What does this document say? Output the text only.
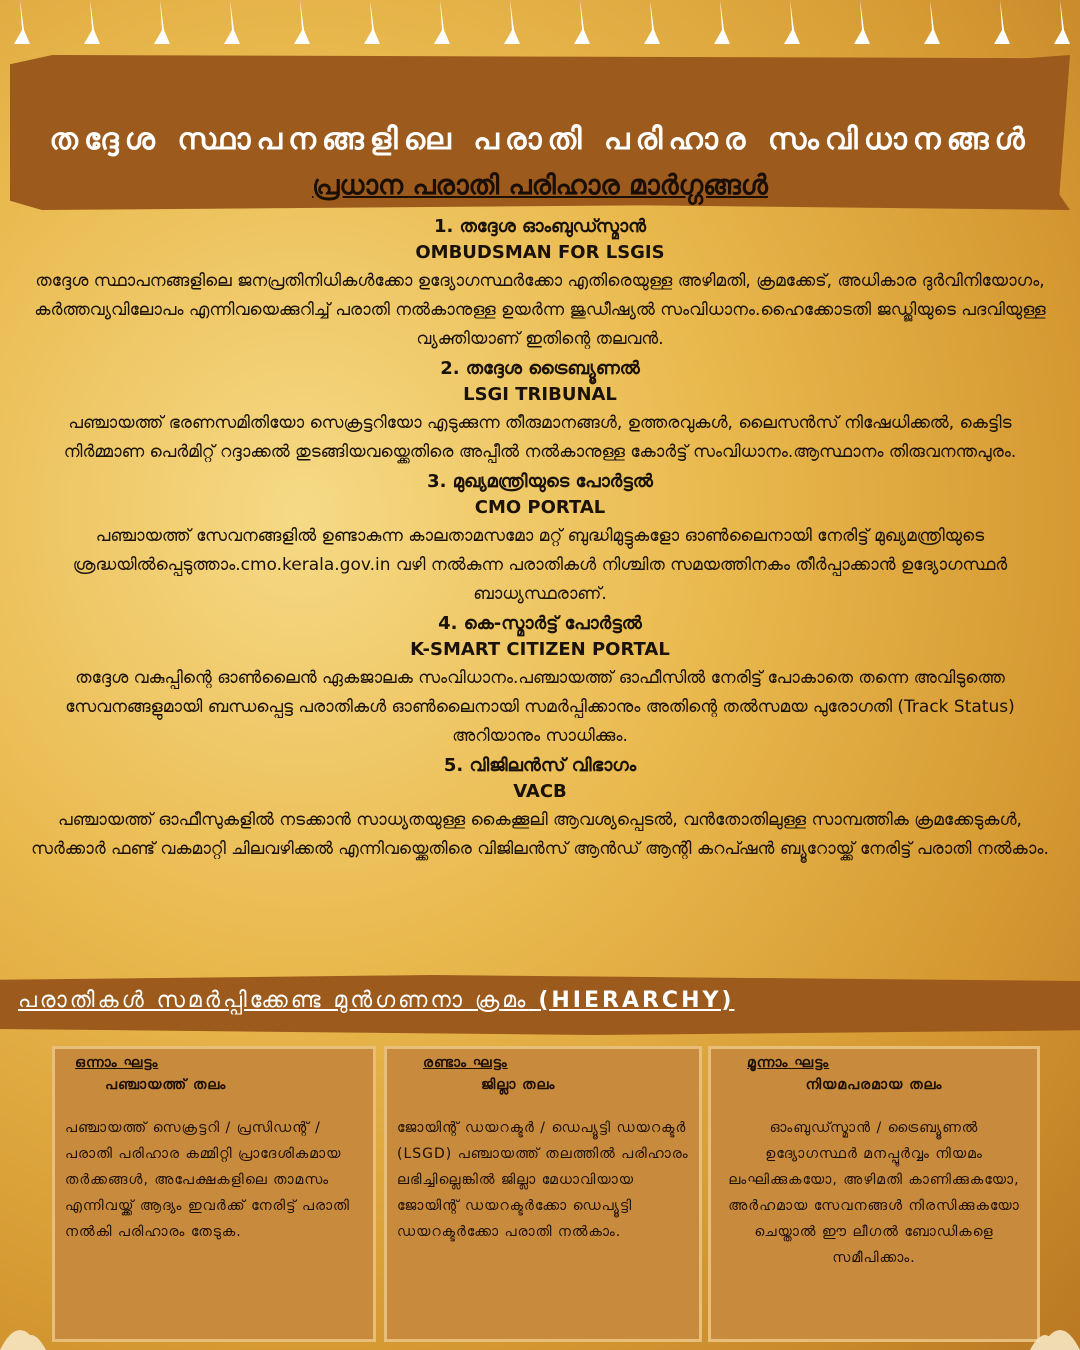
തദ്ദേശ സ്ഥാപനങ്ങളിലെ പരാതി പരിഹാര സംവിധാനങ്ങൾ
പ്രധാന പരാതി പരിഹാര മാർഗ്ഗങ്ങൾ
1. തദ്ദേശ ഓംബുഡ്സ്മാൻ
OMBUDSMAN FOR LSGIS
തദ്ദേശ സ്ഥാപനങ്ങളിലെ ജനപ്രതിനിധികൾക്കോ ഉദ്യോഗസ്ഥർക്കോ എതിരെയുള്ള അഴിമതി, ക്രമക്കേട്, അധികാര ദുർവിനിയോഗം, കർത്തവ്യവിലോപം എന്നിവയെക്കുറിച്ച് പരാതി നൽകാനുള്ള ഉയർന്ന ജുഡീഷ്യൽ സംവിധാനം.ഹൈക്കോടതി ജഡ്ജിയുടെ പദവിയുള്ള വ്യക്തിയാണ് ഇതിന്റെ തലവൻ.
2. തദ്ദേശ ട്രൈബ്യൂണൽ
LSGI TRIBUNAL
പഞ്ചായത്ത് ഭരണസമിതിയോ സെക്രട്ടറിയോ എടുക്കുന്ന തീരുമാനങ്ങൾ, ഉത്തരവുകൾ, ലൈസൻസ് നിഷേധിക്കൽ, കെട്ടിട നിർമ്മാണ പെർമിറ്റ് റദ്ദാക്കൽ തുടങ്ങിയവയ്ക്കെതിരെ അപ്പീൽ നൽകാനുള്ള കോർട്ട് സംവിധാനം.ആസ്ഥാനം തിരുവനന്തപുരം.
3. മുഖ്യമന്ത്രിയുടെ പോർട്ടൽ
CMO PORTAL
പഞ്ചായത്ത് സേവനങ്ങളിൽ ഉണ്ടാകുന്ന കാലതാമസമോ മറ്റ് ബുദ്ധിമുട്ടുകളോ ഓൺലൈനായി നേരിട്ട് മുഖ്യമന്ത്രിയുടെ ശ്രദ്ധയിൽപ്പെടുത്താം.cmo.kerala.gov.in വഴി നൽകുന്ന പരാതികൾ നിശ്ചിത സമയത്തിനകം തീർപ്പാക്കാൻ ഉദ്യോഗസ്ഥർ ബാധ്യസ്ഥരാണ്.
4. കെ-സ്മാർട്ട് പോർട്ടൽ
K-SMART CITIZEN PORTAL
തദ്ദേശ വകുപ്പിന്റെ ഓൺലൈൻ ഏകജാലക സംവിധാനം.പഞ്ചായത്ത് ഓഫീസിൽ നേരിട്ട് പോകാതെ തന്നെ അവിടുത്തെ സേവനങ്ങളുമായി ബന്ധപ്പെട്ട പരാതികൾ ഓൺലൈനായി സമർപ്പിക്കാനും അതിന്റെ തൽസമയ പുരോഗതി (Track Status) അറിയാനും സാധിക്കും.
5. വിജിലൻസ് വിഭാഗം
VACB
പഞ്ചായത്ത് ഓഫീസുകളിൽ നടക്കാൻ സാധ്യതയുള്ള കൈക്കൂലി ആവശ്യപ്പെടൽ, വൻതോതിലുള്ള സാമ്പത്തിക ക്രമക്കേടുകൾ, സർക്കാർ ഫണ്ട് വകമാറ്റി ചിലവഴിക്കൽ എന്നിവയ്ക്കെതിരെ വിജിലൻസ് ആൻഡ് ആന്റി കറപ്ഷൻ ബ്യൂറോയ്ക്ക് നേരിട്ട് പരാതി നൽകാം.
പരാതികൾ സമർപ്പിക്കേണ്ട മുൻഗണനാ ക്രമം (HIERARCHY)
ഒന്നാം ഘട്ടം
പഞ്ചായത്ത് തലം
പഞ്ചായത്ത് സെക്രട്ടറി / പ്രസിഡന്റ് /പരാതി പരിഹാര കമ്മിറ്റി പ്രാദേശികമായ തർക്കങ്ങൾ, അപേക്ഷകളിലെ താമസം എന്നിവയ്ക്ക് ആദ്യം ഇവർക്ക് നേരിട്ട് പരാതി നൽകി പരിഹാരം തേടുക.
രണ്ടാം ഘട്ടം
ജില്ലാ തലം
ജോയിന്റ് ഡയറക്ടർ / ഡെപ്യൂട്ടി ഡയറക്ടർ (LSGD) പഞ്ചായത്ത് തലത്തിൽ പരിഹാരം ലഭിച്ചില്ലെങ്കിൽ ജില്ലാ മേധാവിയായ ജോയിന്റ് ഡയറക്ടർക്കോ ഡെപ്യൂട്ടി ഡയറക്ടർക്കോ പരാതി നൽകാം.
മൂന്നാം ഘട്ടം
നിയമപരമായ തലം
ഓംബുഡ്സ്മാൻ / ട്രൈബ്യൂണൽ ഉദ്യോഗസ്ഥർ മനപ്പൂർവ്വം നിയമം ലംഘിക്കുകയോ, അഴിമതി കാണിക്കുകയോ, അർഹമായ സേവനങ്ങൾ നിരസിക്കുകയോ ചെയ്താൽ ഈ ലീഗൽ ബോഡികളെ സമീപിക്കാം.
